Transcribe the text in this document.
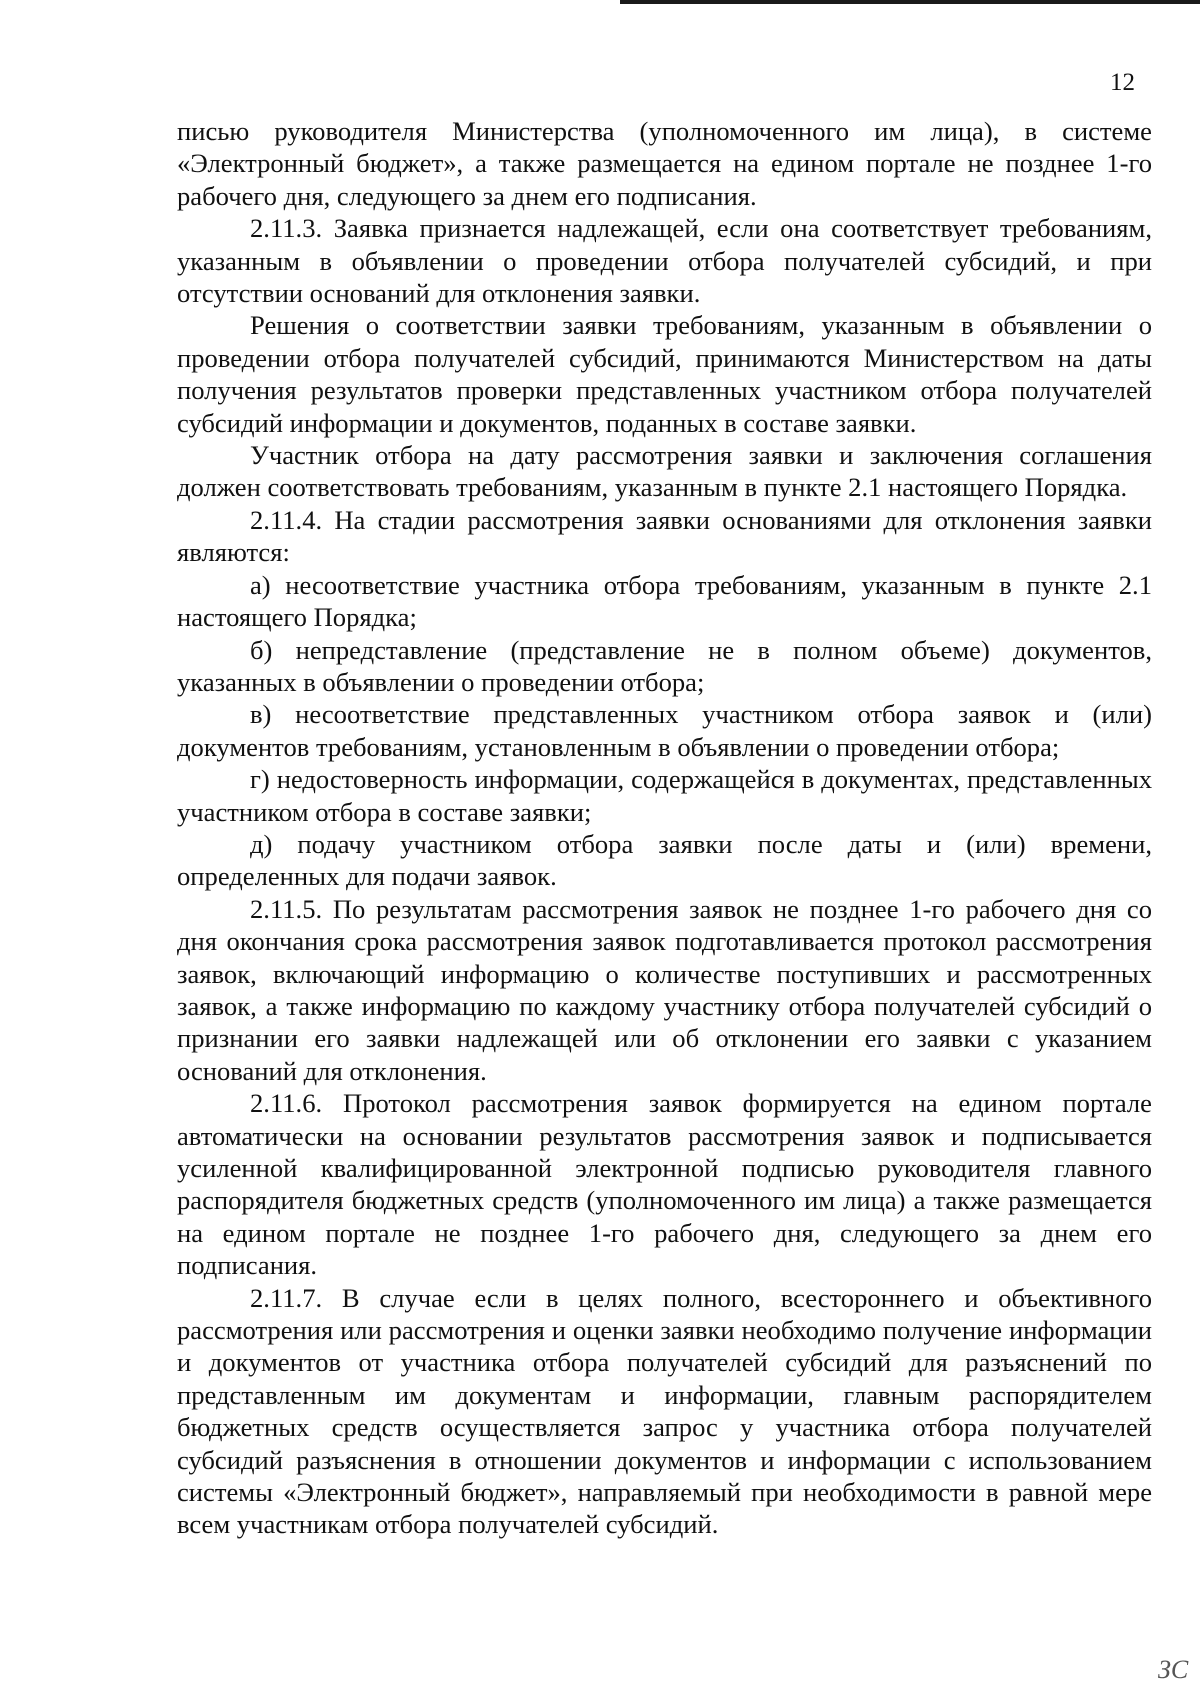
12

писью руководителя Министерства (уполномоченного им лица), в системе «Электронный бюджет», а также размещается на едином портале не позднее 1-го рабочего дня, следующего за днем его подписания.

2.11.3. Заявка признается надлежащей, если она соответствует требованиям, указанным в объявлении о проведении отбора получателей субсидий, и при отсутствии оснований для отклонения заявки.

Решения о соответствии заявки требованиям, указанным в объявлении о проведении отбора получателей субсидий, принимаются Министерством на даты получения результатов проверки представленных участником отбора получателей субсидий информации и документов, поданных в составе заявки.

Участник отбора на дату рассмотрения заявки и заключения соглашения должен соответствовать требованиям, указанным в пункте 2.1 настоящего Порядка.

2.11.4. На стадии рассмотрения заявки основаниями для отклонения заявки являются:

а) несоответствие участника отбора требованиям, указанным в пункте 2.1 настоящего Порядка;

б) непредставление (представление не в полном объеме) документов, указанных в объявлении о проведении отбора;

в) несоответствие представленных участником отбора заявок и (или) документов требованиям, установленным в объявлении о проведении отбора;

г) недостоверность информации, содержащейся в документах, представленных участником отбора в составе заявки;

д) подачу участником отбора заявки после даты и (или) времени, определенных для подачи заявок.

2.11.5. По результатам рассмотрения заявок не позднее 1-го рабочего дня со дня окончания срока рассмотрения заявок подготавливается протокол рассмотрения заявок, включающий информацию о количестве поступивших и рассмотренных заявок, а также информацию по каждому участнику отбора получателей субсидий о признании его заявки надлежащей или об отклонении его заявки с указанием оснований для отклонения.

2.11.6. Протокол рассмотрения заявок формируется на едином портале автоматически на основании результатов рассмотрения заявок и подписывается усиленной квалифицированной электронной подписью руководителя главного распорядителя бюджетных средств (уполномоченного им лица) а также размещается на едином портале не позднее 1-го рабочего дня, следующего за днем его подписания.

2.11.7. В случае если в целях полного, всестороннего и объективного рассмотрения или рассмотрения и оценки заявки необходимо получение информации и документов от участника отбора получателей субсидий для разъяснений по представленным им документам и информации, главным распорядителем бюджетных средств осуществляется запрос у участника отбора получателей субсидий разъяснения в отношении документов и информации с использованием системы «Электронный бюджет», направляемый при необходимости в равной мере всем участникам отбора получателей субсидий.

ЗС
